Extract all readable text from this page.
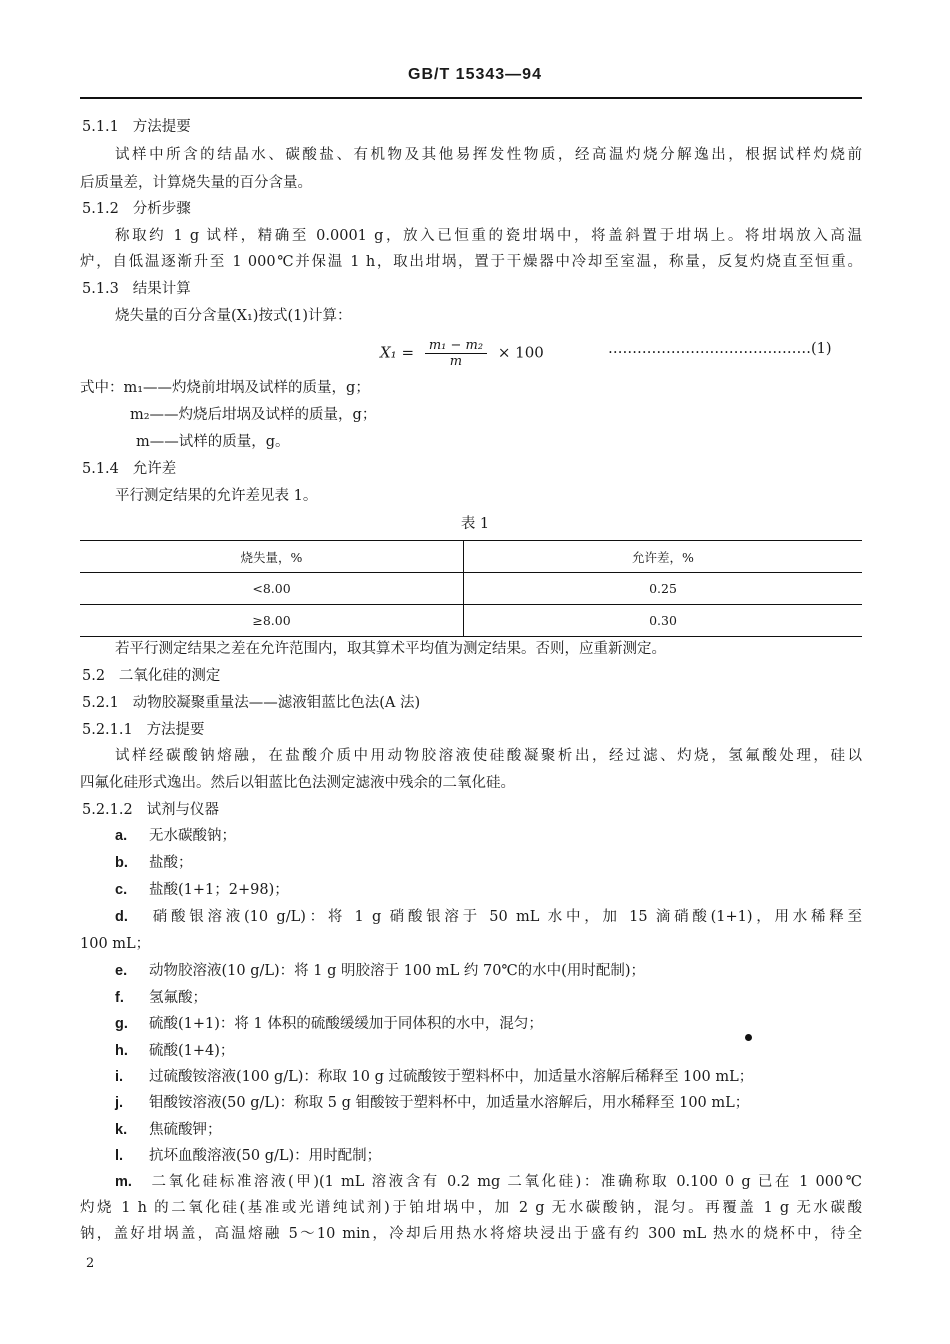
GB/T 15343—94
5.1.1 方法提要
试样中所含的结晶水、碳酸盐、有机物及其他易挥发性物质，经高温灼烧分解逸出，根据试样灼烧前
后质量差，计算烧失量的百分含量。
5.1.2 分析步骤
称取约 1 g 试样，精确至 0.0001 g，放入已恒重的瓷坩埚中，将盖斜置于坩埚上。将坩埚放入高温
炉，自低温逐渐升至 1 000℃并保温 1 h，取出坩埚，置于干燥器中冷却至室温，称量，反复灼烧直至恒重。
5.1.3 结果计算
烧失量的百分含量(X₁)按式(1)计算：
$X_1 = \frac{\text{m₁ − m₂}}{m} \times 100$	……………………………………(1)
式中：m₁——灼烧前坩埚及试样的质量，g；
m₂——灼烧后坩埚及试样的质量，g；
m——试样的质量，g。
5.1.4 允许差
平行测定结果的允许差见表 1。
表 1
烧失量，%	允许差，%
<8.00	0.25
≥8.00	0.30
若平行测定结果之差在允许范围内，取其算术平均值为测定结果。否则，应重新测定。
5.2 二氧化硅的测定
5.2.1 动物胶凝聚重量法——滤液钼蓝比色法(A 法)
5.2.1.1 方法提要
试样经碳酸钠熔融，在盐酸介质中用动物胶溶液使硅酸凝聚析出，经过滤、灼烧，氢氟酸处理，硅以
四氟化硅形式逸出。然后以钼蓝比色法测定滤液中残余的二氧化硅。
5.2.1.2 试剂与仪器
a. 无水碳酸钠；
b. 盐酸；
c. 盐酸(1+1；2+98)；
d. 硝酸银溶液(10 g/L)：将 1 g 硝酸银溶于 50 mL 水中，加 15 滴硝酸(1+1)，用水稀释至
100 mL；
e. 动物胶溶液(10 g/L)：将 1 g 明胶溶于 100 mL 约 70℃的水中(用时配制)；
f. 氢氟酸；
g. 硫酸(1+1)：将 1 体积的硫酸缓缓加于同体积的水中，混匀；
h. 硫酸(1+4)；
i. 过硫酸铵溶液(100 g/L)：称取 10 g 过硫酸铵于塑料杯中，加适量水溶解后稀释至 100 mL；
j. 钼酸铵溶液(50 g/L)：称取 5 g 钼酸铵于塑料杯中，加适量水溶解后，用水稀释至 100 mL；
k. 焦硫酸钾；
l. 抗坏血酸溶液(50 g/L)：用时配制；
m. 二氧化硅标准溶液(甲)(1 mL 溶液含有 0.2 mg 二氧化硅)：准确称取 0.100 0 g 已在 1 000℃
灼烧 1 h 的二氧化硅(基准或光谱纯试剂)于铂坩埚中，加 2 g 无水碳酸钠，混匀。再覆盖 1 g 无水碳酸
钠，盖好坩埚盖，高温熔融 5～10 min，冷却后用热水将熔块浸出于盛有约 300 mL 热水的烧杯中，待全
2
